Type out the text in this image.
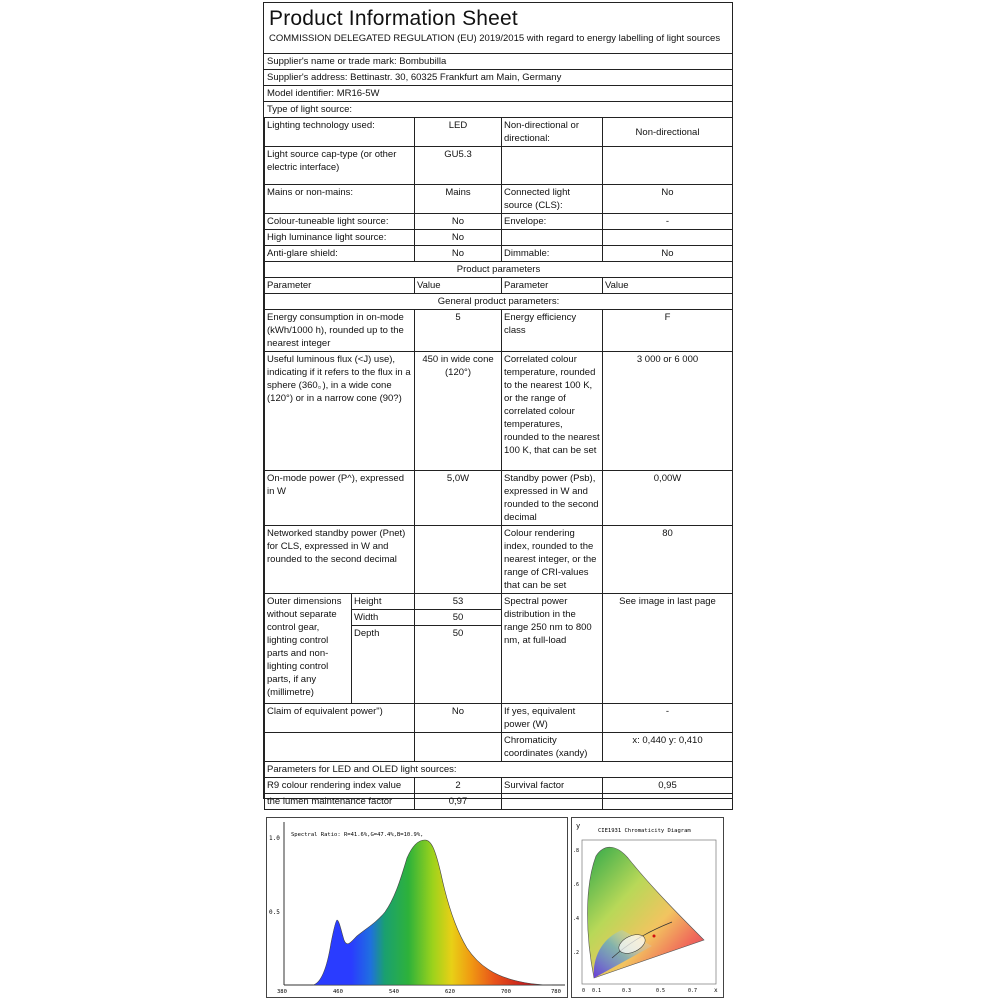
Product Information Sheet
COMMISSION DELEGATED REGULATION (EU) 2019/2015 with regard to energy labelling of light sources
Supplier's name or trade mark: Bombubilla
Supplier's address: Bettinastr. 30, 60325 Frankfurt am Main, Germany
Model identifier: MR16-5W
Type of light source:
Lighting technology used:		LED	Non-directional or directional:	Non-directional
Light source cap-type (or other electric interface)		GU5.3		
Mains or non-mains:		Mains	Connected light source (CLS):	No
Colour-tuneable light source:		No	Envelope:	-
High luminance light source:		No		
Anti-glare shield:		No	Dimmable:	No
Product parameters				
Parameter		Value	Parameter	Value
General product parameters:				
Energy consumption in on-mode (kWh/1000 h), rounded up to the nearest integer		5	Energy efficiency class	F
Useful luminous flux (<J) use), indicating if it refers to the flux in a sphere (360。), in a wide cone (120°) or in a narrow cone (90?)		450 in wide cone (120°)	Correlated colour temperature, rounded to the nearest 100 K, or the range of correlated colour temperatures, rounded to the nearest 100 K, that can be set	3 000 or 6 000
On-mode power (P^), expressed in W		5,0W	Standby power (Psb), expressed in W and rounded to the second decimal	0,00W
Networked standby power (Pnet) for CLS, expressed in W and rounded to the second decimal			Colour rendering index, rounded to the nearest integer, or the range of CRI-values that can be set	80
Outer dimensions without separate control gear, lighting control parts and non-lighting control parts, if any (millimetre)	Height	53	Spectral power distribution in the range 250 nm to 800 nm, at full-load	See image in last page
	Width	50		
	Depth	50		
Claim of equivalent power")		No	If yes, equivalent power (W)	-
			Chromaticity coordinates (xandy)	x: 0,440 y: 0,410
Parameters for LED and OLED light sources:				
R9 colour rendering index value		2	Survival factor	0,95
the lumen maintenance factor		0,97		
1.0
0.5
Spectral Ratio: R=41.6%,G=47.4%,B=10.9%,
380	460	540	620	700	780
y
CIE1931 Chromaticity Diagram
.8
.6
.4
.2
0 0.1	0.3	0.5	0.7	x
